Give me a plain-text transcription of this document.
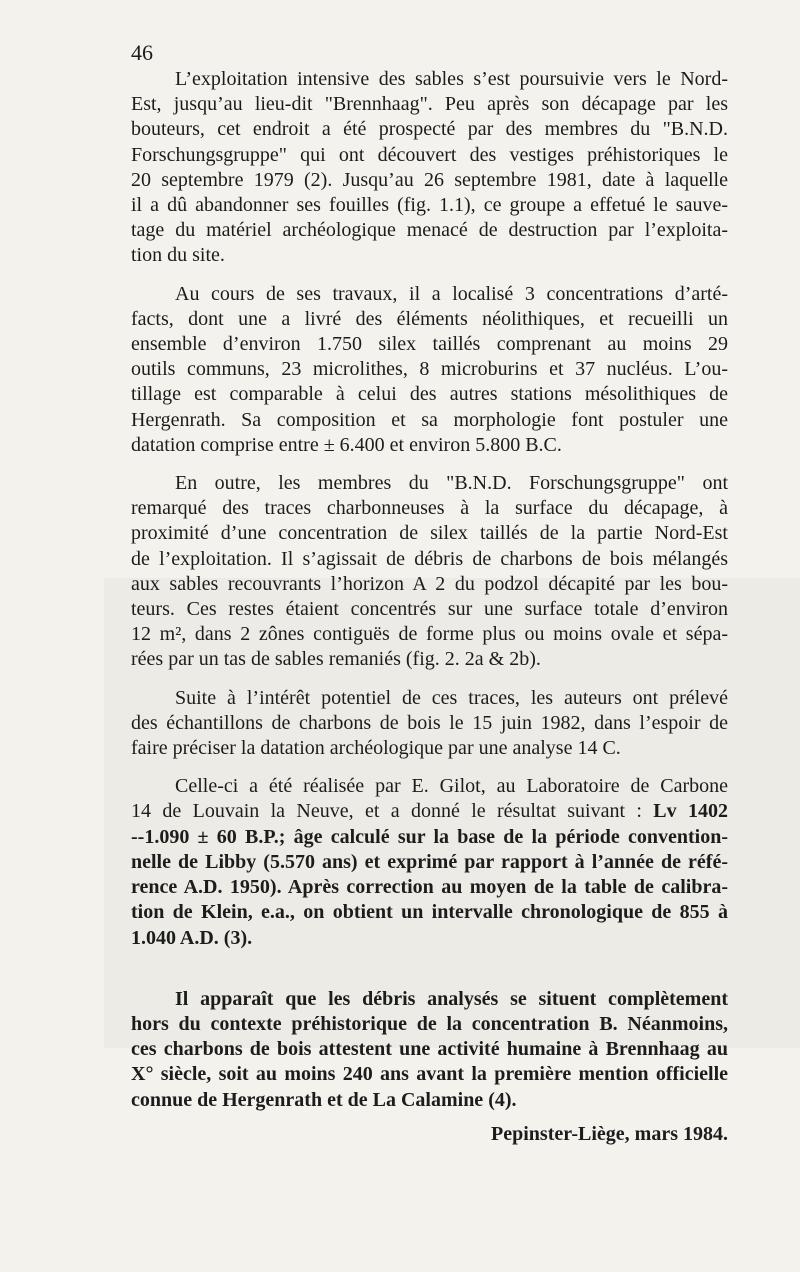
46

L’exploitation intensive des sables s’est poursuivie vers le Nord-
Est, jusqu’au lieu-dit "Brennhaag". Peu après son décapage par les
bouteurs, cet endroit a été prospecté par des membres du "B.N.D.
Forschungsgruppe" qui ont découvert des vestiges préhistoriques le
20 septembre 1979 (2). Jusqu’au 26 septembre 1981, date à laquelle
il a dû abandonner ses fouilles (fig. 1.1), ce groupe a effetué le sauve-
tage du matériel archéologique menacé de destruction par l’exploita-
tion du site.

Au cours de ses travaux, il a localisé 3 concentrations d’arté-
facts, dont une a livré des éléments néolithiques, et recueilli un
ensemble d’environ 1.750 silex taillés comprenant au moins 29
outils communs, 23 microlithes, 8 microburins et 37 nucléus. L’ou-
tillage est comparable à celui des autres stations mésolithiques de
Hergenrath. Sa composition et sa morphologie font postuler une
datation comprise entre ± 6.400 et environ 5.800 B.C.

En outre, les membres du "B.N.D. Forschungsgruppe" ont
remarqué des traces charbonneuses à la surface du décapage, à
proximité d’une concentration de silex taillés de la partie Nord-Est
de l’exploitation. Il s’agissait de débris de charbons de bois mélangés
aux sables recouvrants l’horizon A 2 du podzol décapité par les bou-
teurs. Ces restes étaient concentrés sur une surface totale d’environ
12 m², dans 2 zônes contiguës de forme plus ou moins ovale et sépa-
rées par un tas de sables remaniés (fig. 2. 2a & 2b).

Suite à l’intérêt potentiel de ces traces, les auteurs ont prélevé
des échantillons de charbons de bois le 15 juin 1982, dans l’espoir de
faire préciser la datation archéologique par une analyse 14 C.

Celle-ci a été réalisée par E. Gilot, au Laboratoire de Carbone
14 de Louvain la Neuve, et a donné le résultat suivant : Lv 1402
--1.090 ± 60 B.P.; âge calculé sur la base de la période convention-
nelle de Libby (5.570 ans) et exprimé par rapport à l’année de réfé-
rence A.D. 1950). Après correction au moyen de la table de calibra-
tion de Klein, e.a., on obtient un intervalle chronologique de 855 à
1.040 A.D. (3).

Il apparaît que les débris analysés se situent complètement
hors du contexte préhistorique de la concentration B. Néanmoins,
ces charbons de bois attestent une activité humaine à Brennhaag au
X° siècle, soit au moins 240 ans avant la première mention officielle
connue de Hergenrath et de La Calamine (4).

Pepinster-Liège, mars 1984.
